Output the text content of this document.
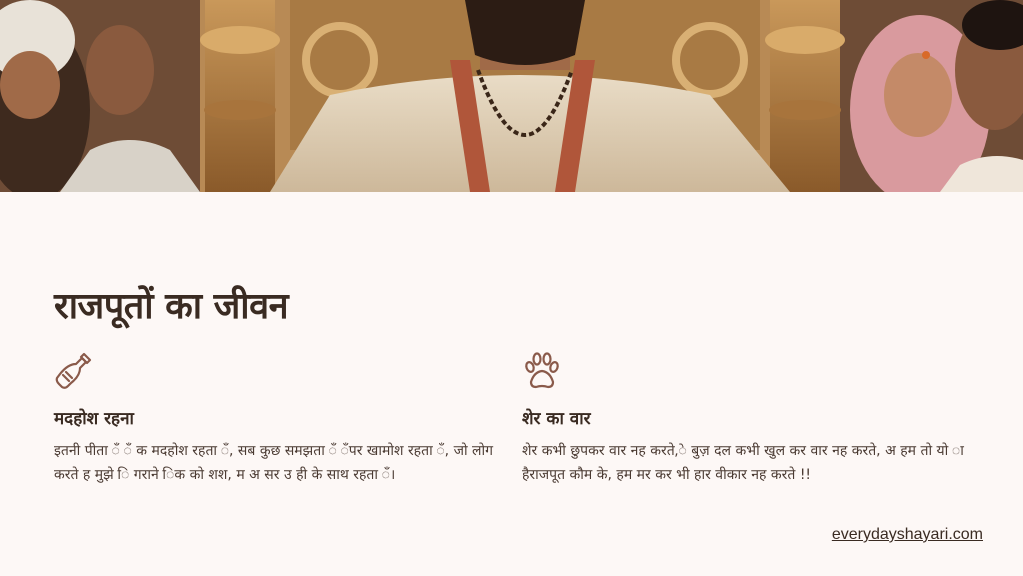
राजपूतों का जीवन
मदहोश रहना

इतनी पीता ँ ँ क मदहोश रहता ँ, सब कुछ समझता ँ ँपर खामोश रहता ँ, जो लोग करते ह मुझे ि गराने िक को शश, म अ सर उ ही के साथ रहता ँ।

शेर का वार

शेर कभी छुपकर वार नह करते,े बुज़ दल कभी खुल कर वार नह करते, अ हम तो यो ा हैराजपूत कौम के, हम मर कर भी हार वीकार नह करते !!

everydayshayari.com
